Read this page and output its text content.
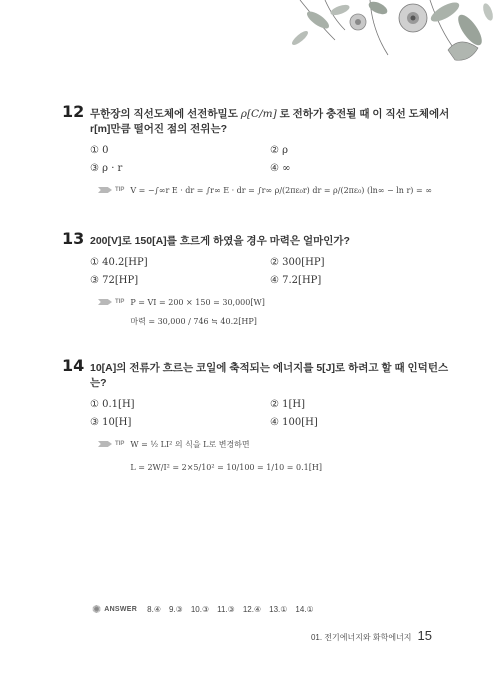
12 무한장의 직선도체에 선전하밀도 ρ[C/m] 로 전하가 충전될 때 이 직선 도체에서 r[m]만큼 떨어진 점의 전위는?
① 0	② ρ
③ ρ · r	④ ∞
TIP V = −∫∞r E · dr = ∫r∞ E · dr = ∫r∞ ρ/(2πε₀r) dr = ρ/(2πε₀) (ln∞ − ln r) = ∞
13 200[V]로 150[A]를 흐르게 하였을 경우 마력은 얼마인가?
① 40.2[HP]	② 300[HP]
③ 72[HP]	④ 7.2[HP]
TIP P = VI = 200 × 150 = 30,000[W]
마력 = 30,000 / 746 ≒ 40.2[HP]
14 10[A]의 전류가 흐르는 코일에 축적되는 에너지를 5[J]로 하려고 할 때 인덕턴스는?
① 0.1[H]	② 1[H]
③ 10[H]	④ 100[H]
TIP W = ½ LI² 의 식을 L로 변경하면
L = 2W/I² = 2×5/10² = 10/100 = 1/10 = 0.1[H]
✺ ANSWER 8.④ 9.③ 10.③ 11.③ 12.④ 13.① 14.①
01. 전기에너지와 화학에너지 15
